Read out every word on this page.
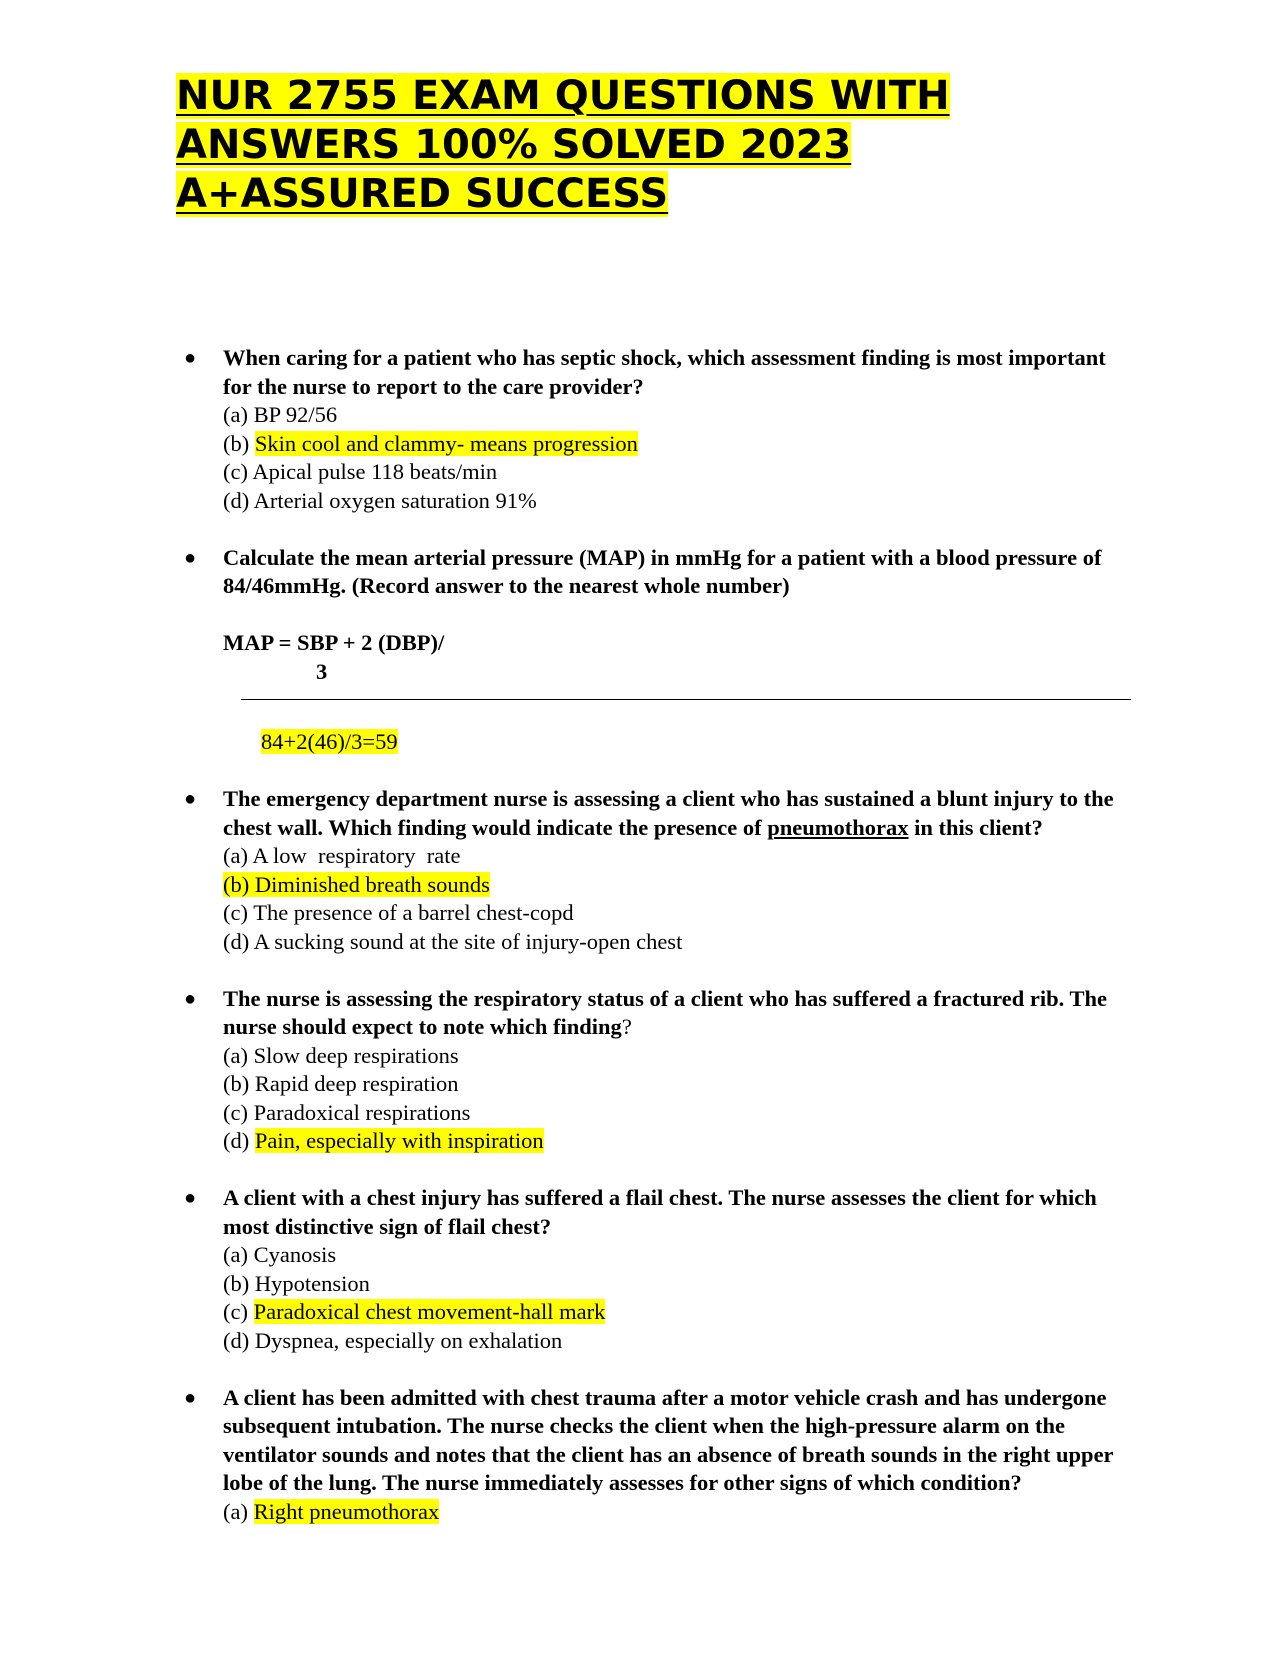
NUR 2755 EXAM QUESTIONS WITH
ANSWERS 100% SOLVED 2023
A+ASSURED SUCCESS
● When caring for a patient who has septic shock, which assessment finding is most important for the nurse to report to the care provider?

(a) BP 92/56
(b) Skin cool and clammy- means progression
(c) Apical pulse 118 beats/min
(d) Arterial oxygen saturation 91%
● Calculate the mean arterial pressure (MAP) in mmHg for a patient with a blood pressure of 84/46mmHg. (Record answer to the nearest whole number)

MAP = SBP + 2 (DBP)/
3
84+2(46)/3=59
● The emergency department nurse is assessing a client who has sustained a blunt injury to the chest wall. Which finding would indicate the presence of pneumothorax in this client?

(a) A low  respiratory  rate
(b) Diminished breath sounds
(c) The presence of a barrel chest-copd
(d) A sucking sound at the site of injury-open chest
● The nurse is assessing the respiratory status of a client who has suffered a fractured rib. The nurse should expect to note which finding?

(a) Slow deep respirations
(b) Rapid deep respiration
(c) Paradoxical respirations
(d) Pain, especially with inspiration
● A client with a chest injury has suffered a flail chest. The nurse assesses the client for which most distinctive sign of flail chest?

(a) Cyanosis
(b) Hypotension
(c) Paradoxical chest movement-hall mark
(d) Dyspnea, especially on exhalation
● A client has been admitted with chest trauma after a motor vehicle crash and has undergone subsequent intubation. The nurse checks the client when the high-pressure alarm on the ventilator sounds and notes that the client has an absence of breath sounds in the right upper lobe of the lung. The nurse immediately assesses for other signs of which condition?

(a) Right pneumothorax
